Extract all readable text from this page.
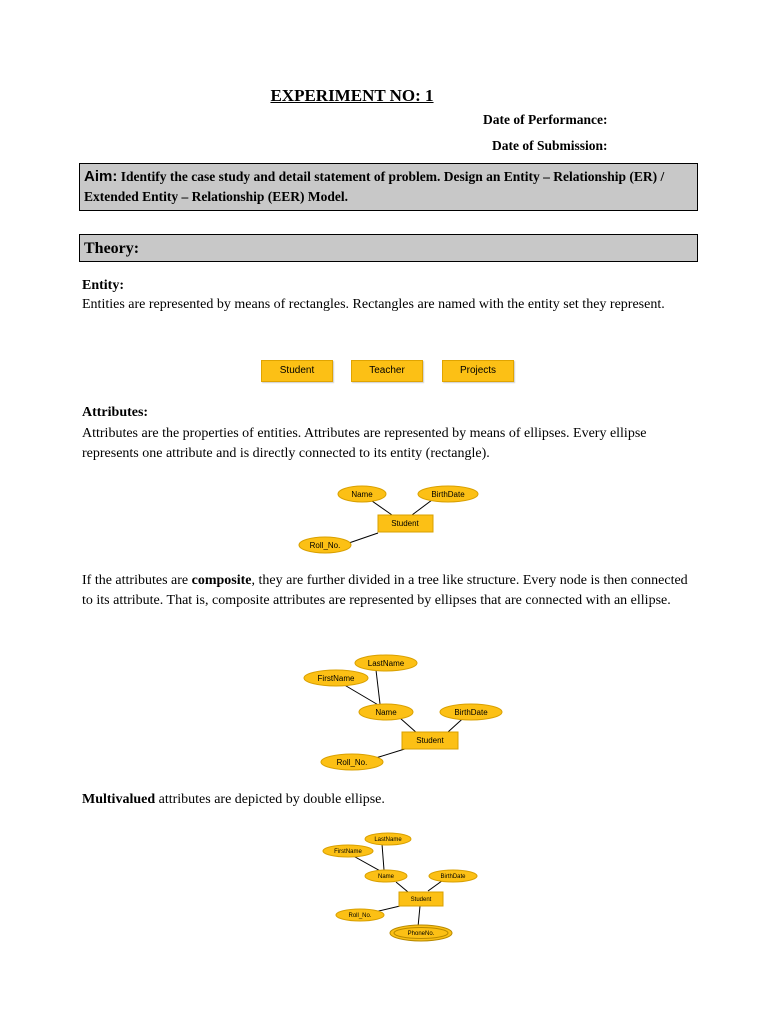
EXPERIMENT NO: 1
Date of Performance:
Date of Submission:
Aim: Identify the case study and detail statement of problem. Design an Entity – Relationship (ER) / Extended Entity – Relationship (EER) Model.
Theory:
Entity:
Entities are represented by means of rectangles. Rectangles are named with the entity set they represent.
Student	Teacher	Projects
Attributes:
Attributes are the properties of entities. Attributes are represented by means of ellipses. Every ellipse represents one attribute and is directly connected to its entity (rectangle).
Name	BirthDate
Student
Roll_No.
If the attributes are composite, they are further divided in a tree like structure. Every node is then connected to its attribute. That is, composite attributes are represented by ellipses that are connected with an ellipse.
LastName
FirstName
Name	BirthDate
Student
Roll_No.
Multivalued attributes are depicted by double ellipse.
LastName
FirstName
Name	BirthDate
Student
Roll_No.
PhoneNo.
